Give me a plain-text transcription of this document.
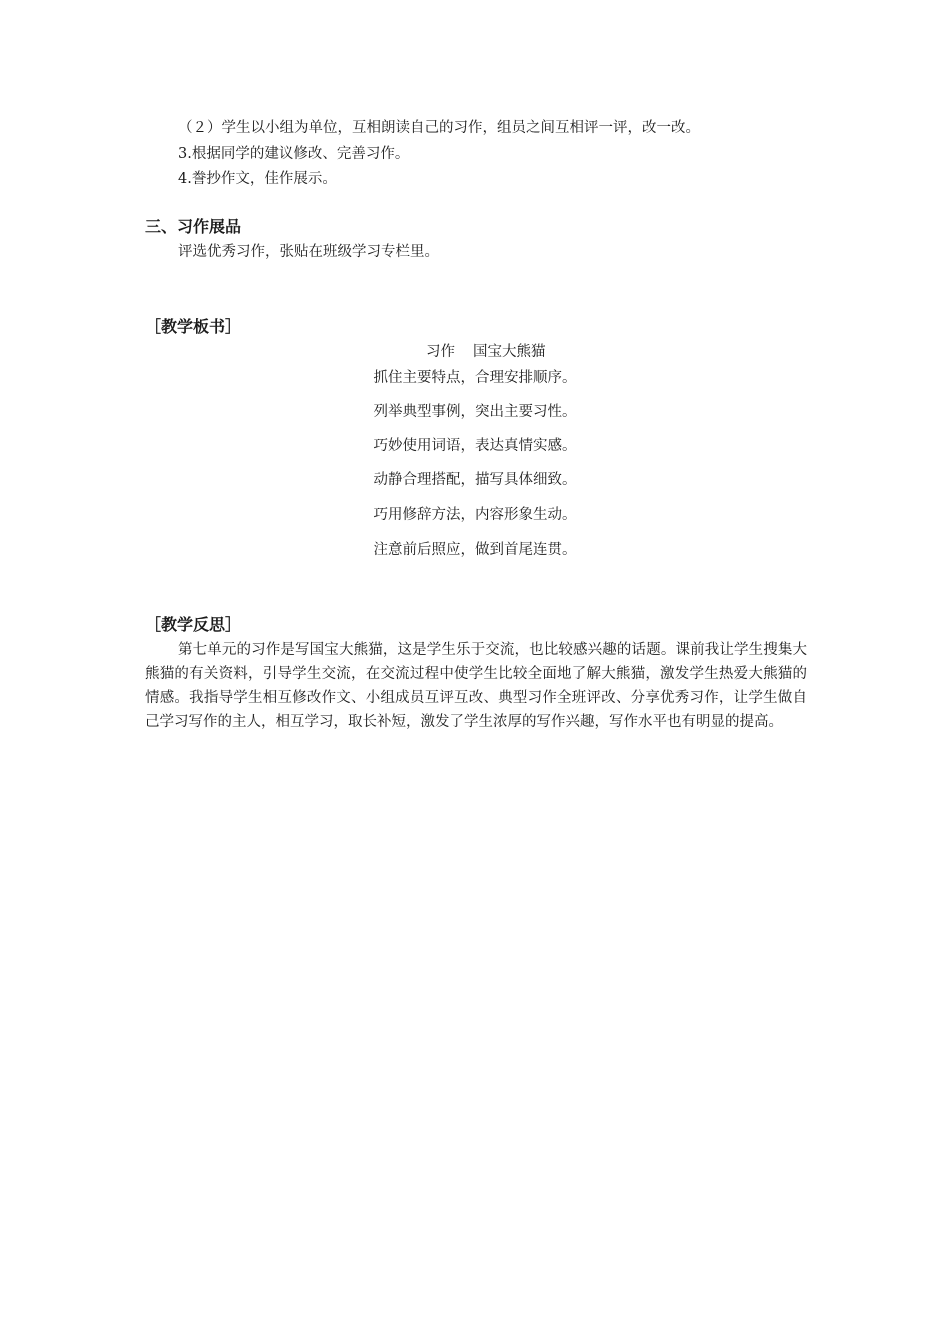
（２）学生以小组为单位，互相朗读自己的习作，组员之间互相评一评，改一改。
3.根据同学的建议修改、完善习作。
4.誊抄作文，佳作展示。
三、习作展品
评选优秀习作，张贴在班级学习专栏里。
［教学板书］
习作 国宝大熊猫
抓住主要特点，合理安排顺序。
列举典型事例，突出主要习性。
巧妙使用词语，表达真情实感。
动静合理搭配，描写具体细致。
巧用修辞方法，内容形象生动。
注意前后照应，做到首尾连贯。
［教学反思］
第七单元的习作是写国宝大熊猫，这是学生乐于交流，也比较感兴趣的话题。课前我让学生搜集大熊猫的有关资料，引导学生交流，在交流过程中使学生比较全面地了解大熊猫，激发学生热爱大熊猫的情感。我指导学生相互修改作文、小组成员互评互改、典型习作全班评改、分享优秀习作，让学生做自己学习写作的主人，相互学习，取长补短，激发了学生浓厚的写作兴趣，写作水平也有明显的提高。
